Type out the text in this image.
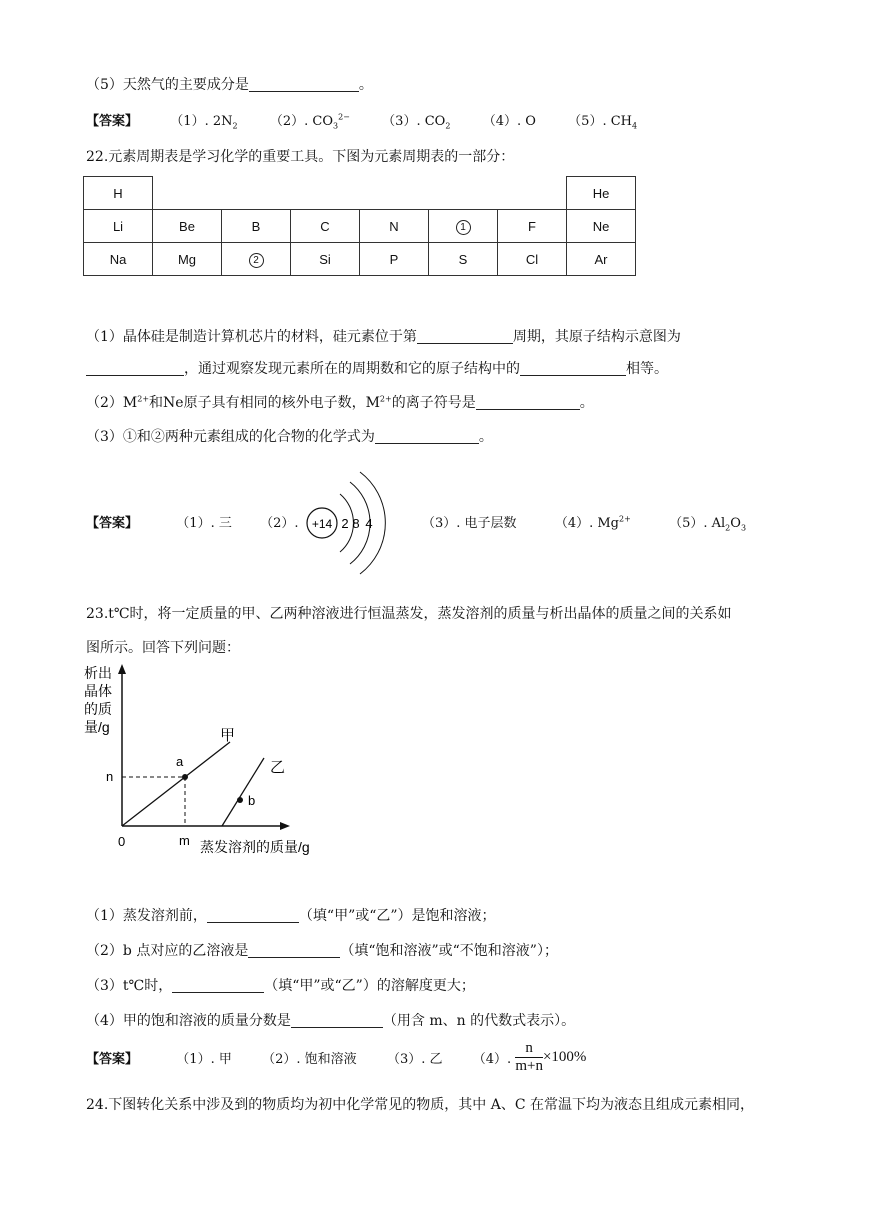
（5）天然气的主要成分是	。
【答案】 （1）. $2N_2$ （2）. $CO_3^{2-}$ （3）. $CO_2$ （4）. O （5）. $CH_4$
22.元素周期表是学习化学的重要工具。下图为元素周期表的一部分：
H							He
Li	Be	B	C	N	1	F	Ne
Na	Mg	2	Si	P	S	Cl	Ar
（1）晶体硅是制造计算机芯片的材料，硅元素位于第	周期，其原子结构示意图为
，通过观察发现元素所在的周期数和它的原子结构中的	相等。
$(2)M^{2+}$和Ne原子具有相同的核外电子数，$M^{2+}$的离子符号是	。
（3）①和②两种元素组成的化合物的化学式为	。
【答案】	（1）. 三 （2）. +14 2 8 4	（3）. 电子层数	（4）. $Mg^{2+}$	（5）. $Al_2O_3$
23.t℃时，将一定质量的甲、乙两种溶液进行恒温蒸发，蒸发溶剂的质量与析出晶体的质量之间的关系如
图所示。回答下列问题：
析出
晶体
的质
量/g
a
b
甲
乙
n
0	m 蒸发溶剂的质量/g
（1）蒸发溶剂前，	（填“甲”或“乙”）是饱和溶液；
（2）b 点对应的乙溶液是	（填“饱和溶液”或“不饱和溶液”）；
（3）t℃时，	（填“甲”或“乙”）的溶解度更大；
（4）甲的饱和溶液的质量分数是	（用含 m、n 的代数式表示）。
【答案】	（1）. 甲 （2）. 饱和溶液 （3）. 乙 （4）. $\frac{n}{m+n} \times 100\%$
24.下图转化关系中涉及到的物质均为初中化学常见的物质，其中 A、C 在常温下均为液态且组成元素相同，
